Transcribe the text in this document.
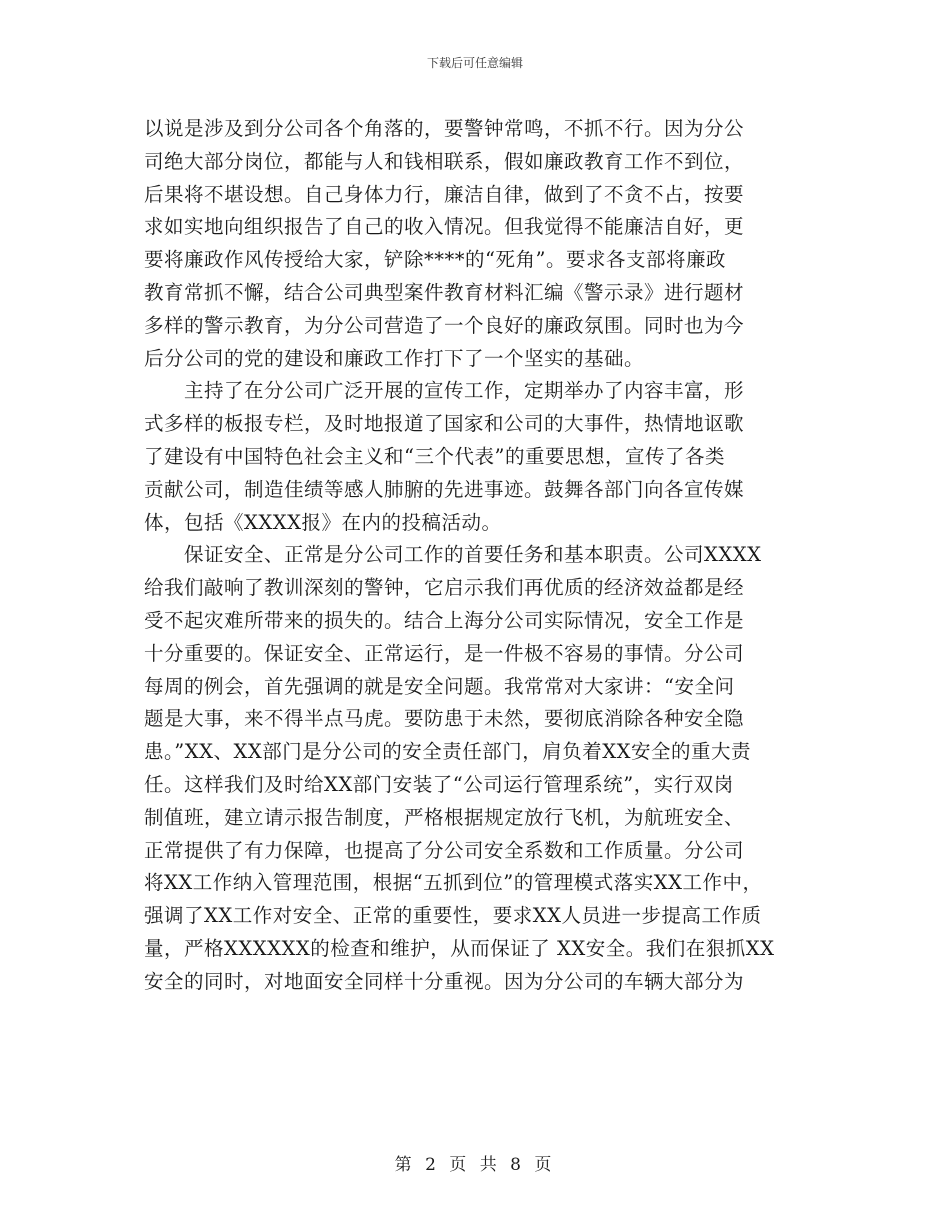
下载后可任意编辑
以说是涉及到分公司各个角落的，要警钟常鸣，不抓不行。因为分公
司绝大部分岗位，都能与人和钱相联系，假如廉政教育工作不到位，
后果将不堪设想。自己身体力行，廉洁自律，做到了不贪不占，按要
求如实地向组织报告了自己的收入情况。但我觉得不能廉洁自好，更
要将廉政作风传授给大家，铲除****的“死角”。要求各支部将廉政
教育常抓不懈，结合公司典型案件教育材料汇编《警示录》进行题材
多样的警示教育，为分公司营造了一个良好的廉政氛围。同时也为今
后分公司的党的建设和廉政工作打下了一个坚实的基础。
主持了在分公司广泛开展的宣传工作，定期举办了内容丰富，形
式多样的板报专栏，及时地报道了国家和公司的大事件，热情地讴歌
了建设有中国特色社会主义和“三个代表”的重要思想，宣传了各类
贡献公司，制造佳绩等感人肺腑的先进事迹。鼓舞各部门向各宣传媒
体，包括《XXXX报》在内的投稿活动。
保证安全、正常是分公司工作的首要任务和基本职责。公司XXXX
给我们敲响了教训深刻的警钟，它启示我们再优质的经济效益都是经
受不起灾难所带来的损失的。结合上海分公司实际情况，安全工作是
十分重要的。保证安全、正常运行，是一件极不容易的事情。分公司
每周的例会，首先强调的就是安全问题。我常常对大家讲：“安全问
题是大事，来不得半点马虎。要防患于未然，要彻底消除各种安全隐
患。”XX、XX部门是分公司的安全责任部门，肩负着XX安全的重大责
任。这样我们及时给XX部门安装了“公司运行管理系统”，实行双岗
制值班，建立请示报告制度，严格根据规定放行飞机，为航班安全、
正常提供了有力保障，也提高了分公司安全系数和工作质量。分公司
将XX工作纳入管理范围，根据“五抓到位”的管理模式落实XX工作中，
强调了XX工作对安全、正常的重要性，要求XX人员进一步提高工作质
量，严格XXXXXX的检查和维护，从而保证了 XX安全。我们在狠抓XX
安全的同时，对地面安全同样十分重视。因为分公司的车辆大部分为
第 2 页 共 8 页
